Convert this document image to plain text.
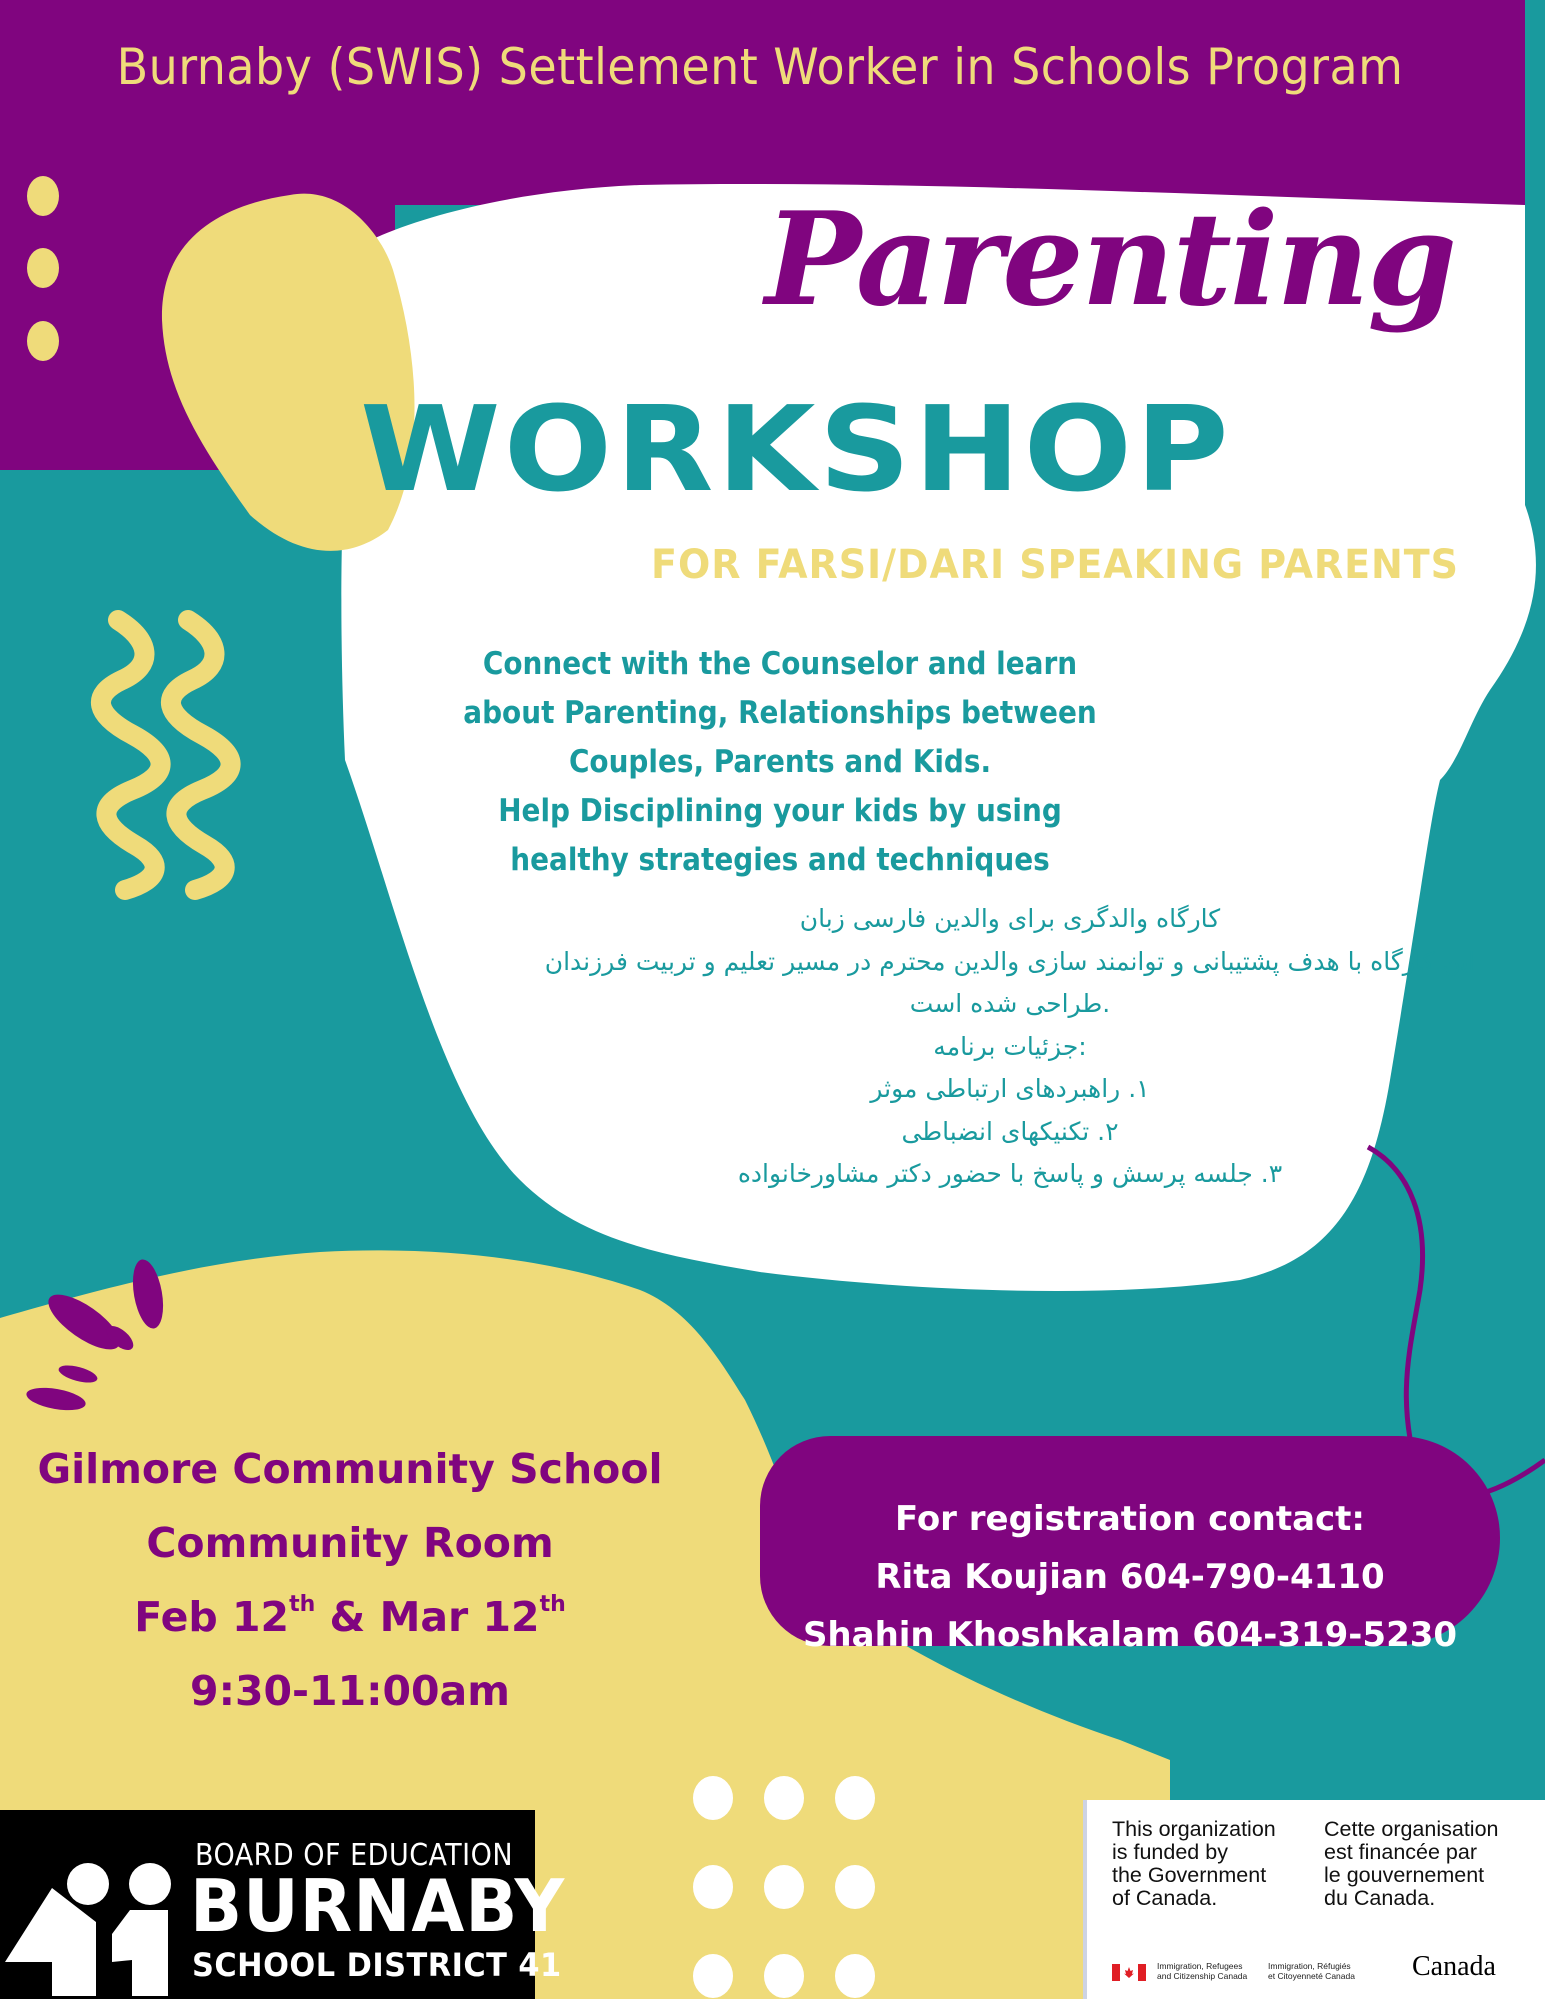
Burnaby (SWIS) Settlement Worker in Schools Program
Parenting
WORKSHOP
FOR FARSI/DARI SPEAKING PARENTS
Connect with the Counselor and learn
about Parenting, Relationships between
Couples, Parents and Kids.
Help Disciplining your kids by using
healthy strategies and techniques
کارگاه والدگری برای والدین فارسی زبان
این کارگاه با هدف پشتیبانی و توانمند سازی والدین محترم در مسیر تعلیم و تربیت فرزندان
.طراحی شده است
:جزئیات برنامه
۱. راهبردهای ارتباطی موثر
۲. تکنیکهای انضباطی
۳. جلسه پرسش و پاسخ با حضور دکتر مشاورخانواده
Gilmore Community School
Community Room
Feb 12th & Mar 12th
9:30-11:00am
For registration contact:
Rita Koujian 604-790-4110
Shahin Khoshkalam 604-319-5230
BOARD OF EDUCATION
BURNABY
SCHOOL DISTRICT 41
This organization
is funded by
the Government
of Canada.
Cette organisation
est financée par
le gouvernement
du Canada.
Immigration, Refugees
and Citizenship Canada
Immigration, Réfugiés
et Citoyenneté Canada Canada
